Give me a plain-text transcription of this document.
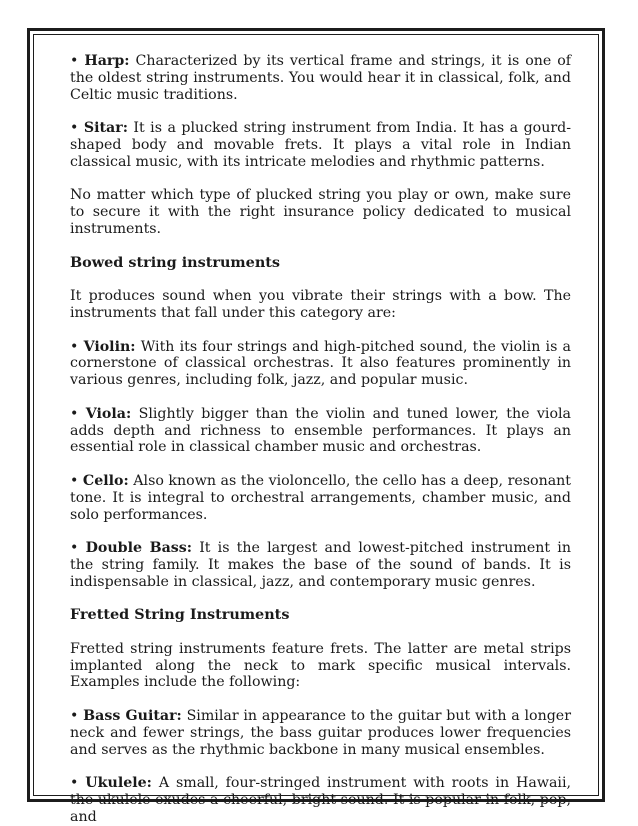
• Harp: Characterized by its vertical frame and strings, it is one of the oldest string instruments. You would hear it in classical, folk, and Celtic music traditions.

• Sitar: It is a plucked string instrument from India. It has a gourd-shaped body and movable frets. It plays a vital role in Indian classical music, with its intricate melodies and rhythmic patterns.

No matter which type of plucked string you play or own, make sure to secure it with the right insurance policy dedicated to musical instruments.

Bowed string instruments

It produces sound when you vibrate their strings with a bow. The instruments that fall under this category are:

• Violin: With its four strings and high-pitched sound, the violin is a cornerstone of classical orchestras. It also features prominently in various genres, including folk, jazz, and popular music.

• Viola: Slightly bigger than the violin and tuned lower, the viola adds depth and richness to ensemble performances. It plays an essential role in classical chamber music and orchestras.

• Cello: Also known as the violoncello, the cello has a deep, resonant tone. It is integral to orchestral arrangements, chamber music, and solo performances.

• Double Bass: It is the largest and lowest-pitched instrument in the string family. It makes the base of the sound of bands. It is indispensable in classical, jazz, and contemporary music genres.

Fretted String Instruments

Fretted string instruments feature frets. The latter are metal strips implanted along the neck to mark specific musical intervals. Examples include the following:

• Bass Guitar: Similar in appearance to the guitar but with a longer neck and fewer strings, the bass guitar produces lower frequencies and serves as the rhythmic backbone in many musical ensembles.

• Ukulele: A small, four-stringed instrument with roots in Hawaii, the ukulele exudes a cheerful, bright sound. It is popular in folk, pop, and
